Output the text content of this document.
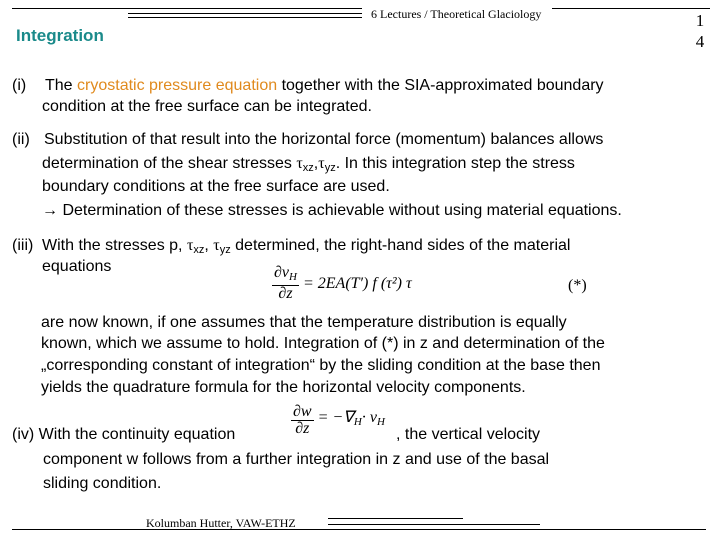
6 Lectures / Theoretical Glaciology	1
4
Integration
(i) The cryostatic pressure equation together with the SIA-approximated boundary
condition at the free surface can be integrated.
(ii) Substitution of that result into the horizontal force (momentum) balances allows
determination of the shear stresses $\tau_{xz},\tau_{yz}$. In this integration step the stress
boundary conditions at the free surface are used.
→ Determination of these stresses is achievable without using material equations.
(iii) With the stresses p, $\tau_{xz}$, $\tau_{yz}$ determined, the right-hand sides of the material
equations	$\frac{\partial v_H}{\partial z} = 2EA(T')$ f (τ²) τ	(*)
are now known, if one assumes that the temperature distribution is equally
known, which we assume to hold. Integration of (*) in z and determination of the
„corresponding constant of integration“ by the sliding condition at the base then
yields the quadrature formula for the horizontal velocity components.
(iv) With the continuity equation	$\frac{\partial w}{\partial z} = -\nabla_H\cdot v_H$
, the vertical velocity
component w follows from a further integration in z and use of the basal
sliding condition.
Kolumban Hutter, VAW-ETHZ
